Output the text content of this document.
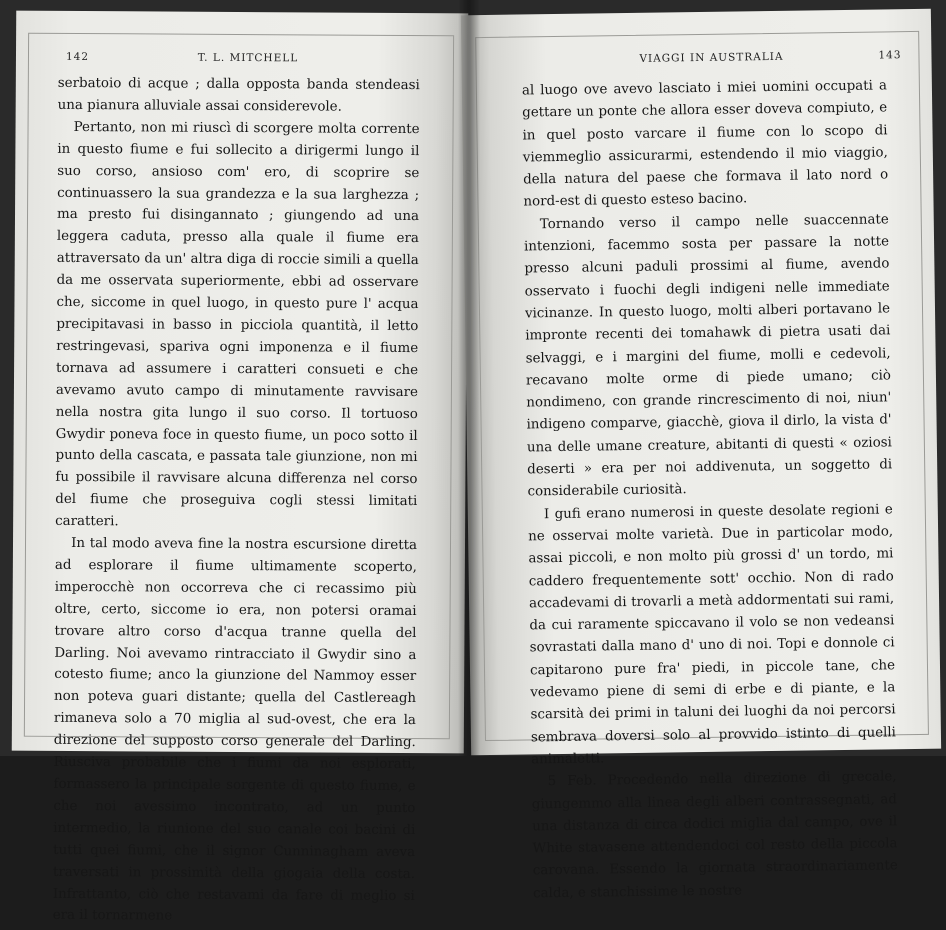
142	T. L. MITCHELL

serbatoio di acque ; dalla opposta banda stendeasi una pianura alluviale assai considerevole.

Pertanto, non mi riuscì di scorgere molta corrente in questo fiume e fui sollecito a dirigermi lungo il suo corso, ansioso com' ero, di scoprire se continuassero la sua grandezza e la sua larghezza ; ma presto fui disingannato ; giungendo ad una leggera caduta, presso alla quale il fiume era attraversato da un' altra diga di roccie simili a quella da me osservata superiormente, ebbi ad osservare che, siccome in quel luogo, in questo pure l' acqua precipitavasi in basso in picciola quantità, il letto restringevasi, spariva ogni imponenza e il fiume tornava ad assumere i caratteri consueti e che avevamo avuto campo di minutamente ravvisare nella nostra gita lungo il suo corso. Il tortuoso Gwydir poneva foce in questo fiume, un poco sotto il punto della cascata, e passata tale giunzione, non mi fu possibile il ravvisare alcuna differenza nel corso del fiume che proseguiva cogli stessi limitati caratteri.

In tal modo aveva fine la nostra escursione diretta ad esplorare il fiume ultimamente scoperto, imperocchè non occorreva che ci recassimo più oltre, certo, siccome io era, non potersi oramai trovare altro corso d'acqua tranne quella del Darling. Noi avevamo rintracciato il Gwydir sino a cotesto fiume; anco la giunzione del Nammoy esser non poteva guari distante; quella del Castlereagh rimaneva solo a 70 miglia al sud-ovest, che era la direzione del supposto corso generale del Darling. Riusciva probabile che i fiumi da noi esplorati, formassero la principale sorgente di questo fiume, e che noi avessimo incontrato, ad un punto intermedio, la riunione del suo canale coi bacini di tutti quei fiumi, che il signor Cunninagham aveva traversati in prossimità della giogaia della costa. Infrattanto, ciò che restavami da fare di meglio si era il tornarmene

VIAGGI IN AUSTRALIA	143

al luogo ove avevo lasciato i miei uomini occupati a gettare un ponte che allora esser doveva compiuto, e in quel posto varcare il fiume con lo scopo di viemmeglio assicurarmi, estendendo il mio viaggio, della natura del paese che formava il lato nord o nord-est di questo esteso bacino.

Tornando verso il campo nelle suaccennate intenzioni, facemmo sosta per passare la notte presso alcuni paduli prossimi al fiume, avendo osservato i fuochi degli indigeni nelle immediate vicinanze. In questo luogo, molti alberi portavano le impronte recenti dei tomahawk di pietra usati dai selvaggi, e i margini del fiume, molli e cedevoli, recavano molte orme di piede umano; ciò nondimeno, con grande rincrescimento di noi, niun' indigeno comparve, giacchè, giova il dirlo, la vista d' una delle umane creature, abitanti di questi « oziosi deserti » era per noi addivenuta, un soggetto di considerabile curiosità.

I gufi erano numerosi in queste desolate regioni e ne osservai molte varietà. Due in particolar modo, assai piccoli, e non molto più grossi d' un tordo, mi caddero frequentemente sott' occhio. Non di rado accadevami di trovarli a metà addormentati sui rami, da cui raramente spiccavano il volo se non vedeansi sovrastati dalla mano d' uno di noi. Topi e donnole ci capitarono pure fra' piedi, in piccole tane, che vedevamo piene di semi di erbe e di piante, e la scarsità dei primi in taluni dei luoghi da noi percorsi sembrava doversi solo al provvido istinto di quelli animaletti.

5 Feb. Procedendo nella direzione di grecale, giungemmo alla linea degli alberi contrassegnati, ad una distanza di circa dodici miglia dal campo, ove il White stavasene attendendoci col resto della piccola carovana. Essendo la giornata straordinariamente calda, e stanchissime le nostre
